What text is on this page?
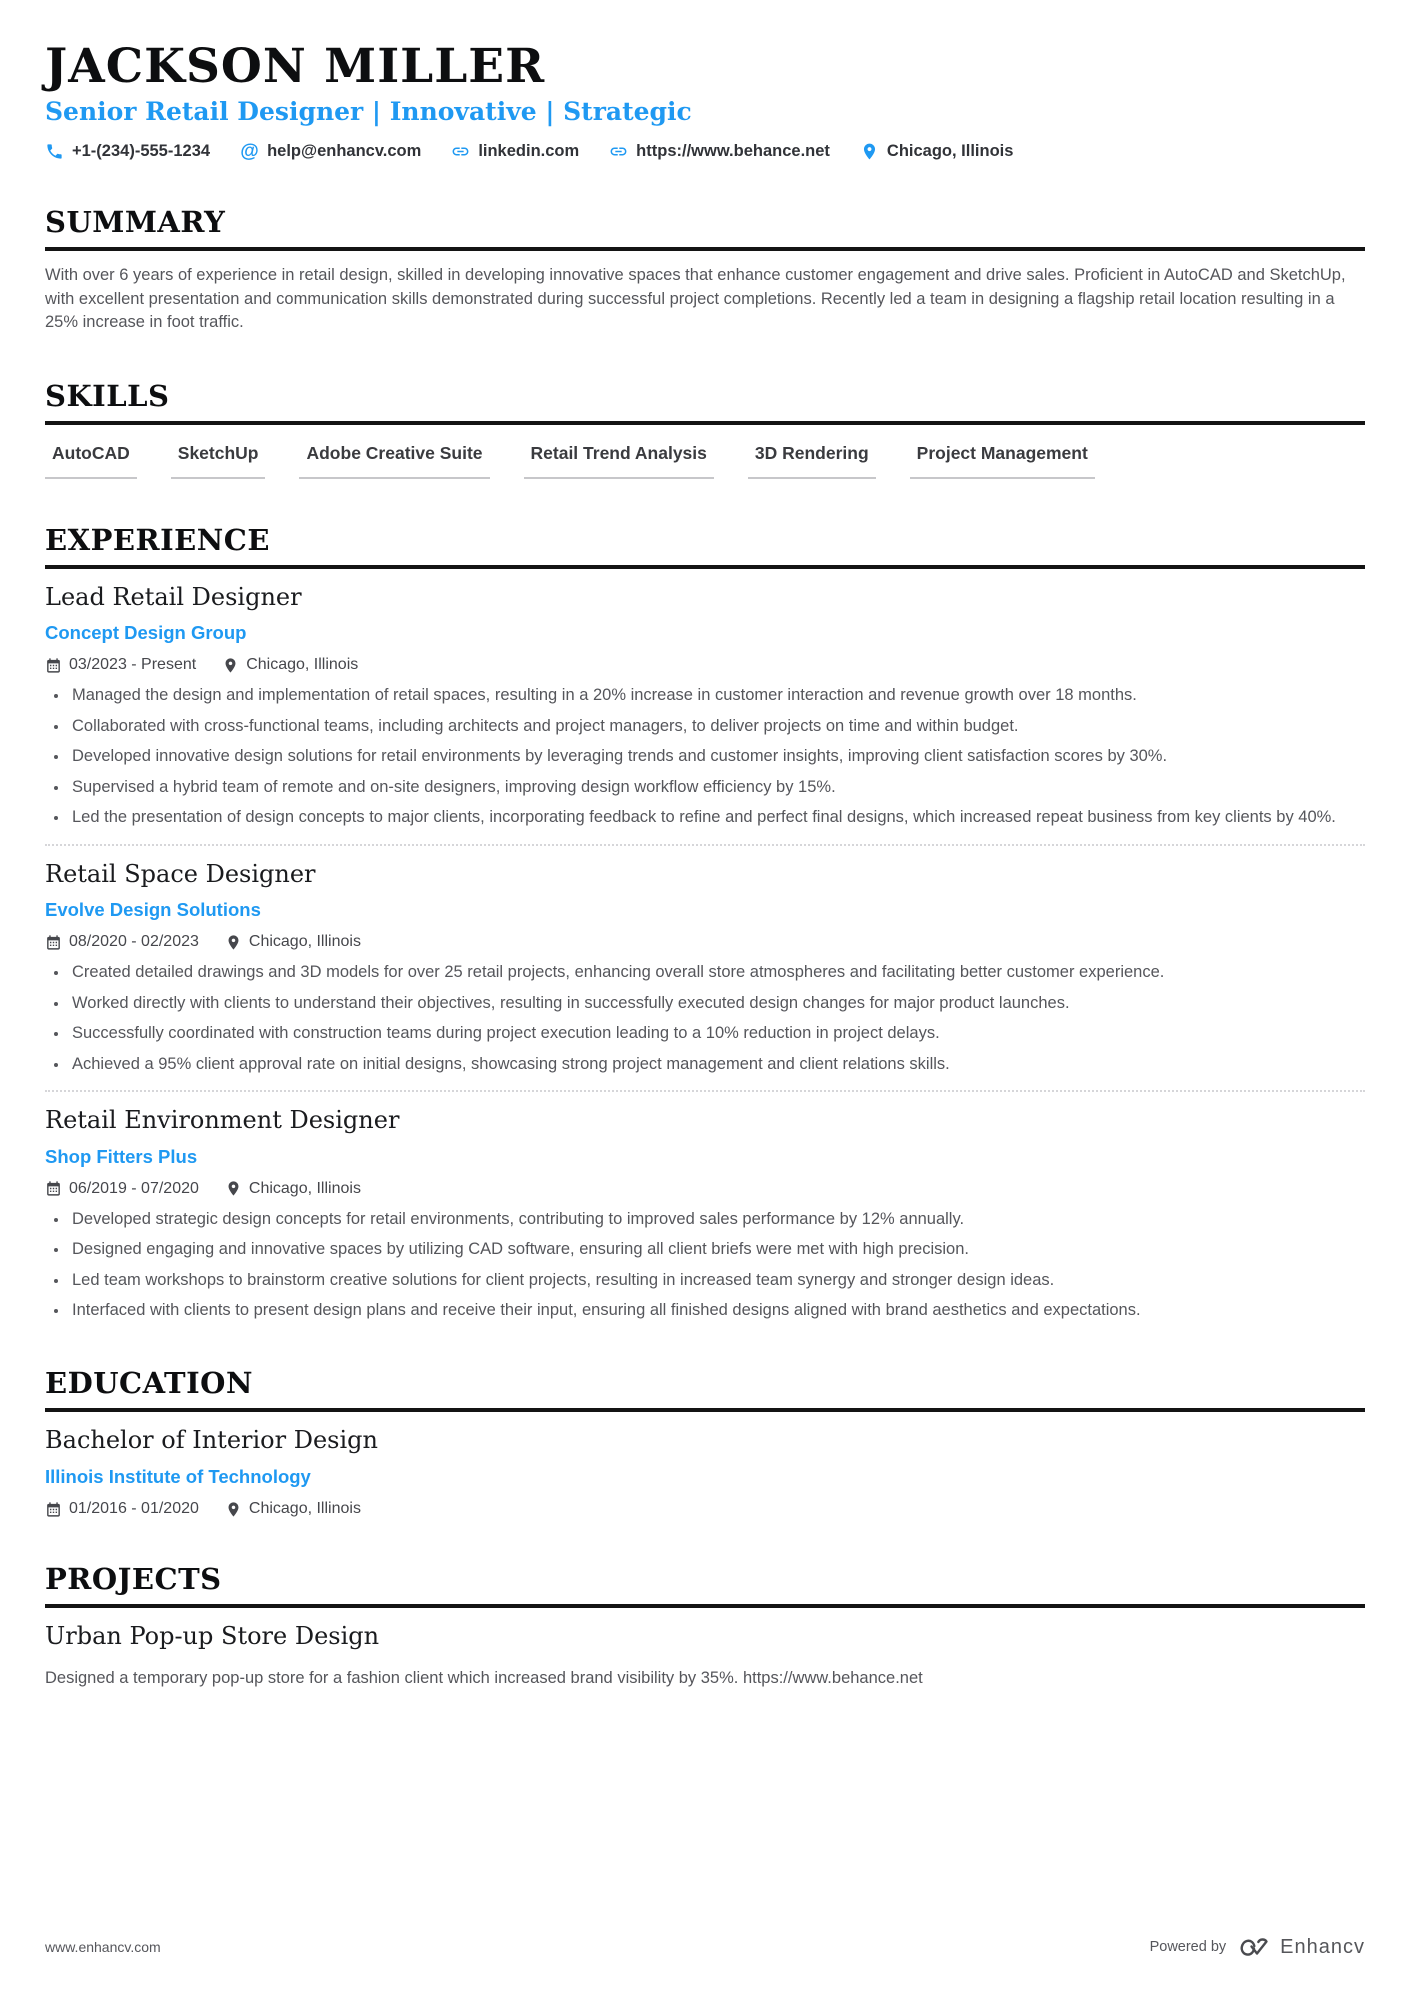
JACKSON MILLER
Senior Retail Designer | Innovative | Strategic
+1-(234)-555-1234 @ help@enhancv.com	linkedin.com	https://www.behance.net	Chicago, Illinois
SUMMARY

With over 6 years of experience in retail design, skilled in developing innovative spaces that enhance customer engagement and drive sales. Proficient in AutoCAD and SketchUp, with excellent presentation and communication skills demonstrated during successful project completions. Recently led a team in designing a flagship retail location resulting in a 25% increase in foot traffic.

SKILLS
AutoCAD	SketchUp	Adobe Creative Suite	Retail Trend Analysis	3D Rendering	Project Management
EXPERIENCE
Lead Retail Designer
Concept Design Group
03/2023 - Present	Chicago, Illinois
• Managed the design and implementation of retail spaces, resulting in a 20% increase in customer interaction and revenue growth over 18 months.
• Collaborated with cross-functional teams, including architects and project managers, to deliver projects on time and within budget.
• Developed innovative design solutions for retail environments by leveraging trends and customer insights, improving client satisfaction scores by 30%.
• Supervised a hybrid team of remote and on-site designers, improving design workflow efficiency by 15%.
• Led the presentation of design concepts to major clients, incorporating feedback to refine and perfect final designs, which increased repeat business from key clients by 40%.
Retail Space Designer
Evolve Design Solutions
08/2020 - 02/2023	Chicago, Illinois
• Created detailed drawings and 3D models for over 25 retail projects, enhancing overall store atmospheres and facilitating better customer experience.
• Worked directly with clients to understand their objectives, resulting in successfully executed design changes for major product launches.
• Successfully coordinated with construction teams during project execution leading to a 10% reduction in project delays.
• Achieved a 95% client approval rate on initial designs, showcasing strong project management and client relations skills.
Retail Environment Designer
Shop Fitters Plus
06/2019 - 07/2020	Chicago, Illinois
• Developed strategic design concepts for retail environments, contributing to improved sales performance by 12% annually.
• Designed engaging and innovative spaces by utilizing CAD software, ensuring all client briefs were met with high precision.
• Led team workshops to brainstorm creative solutions for client projects, resulting in increased team synergy and stronger design ideas.
• Interfaced with clients to present design plans and receive their input, ensuring all finished designs aligned with brand aesthetics and expectations.
EDUCATION
Bachelor of Interior Design
Illinois Institute of Technology
01/2016 - 01/2020	Chicago, Illinois
PROJECTS
Urban Pop-up Store Design

Designed a temporary pop-up store for a fashion client which increased brand visibility by 35%. https://www.behance.net

www.enhancv.com	Powered by	Enhancv
